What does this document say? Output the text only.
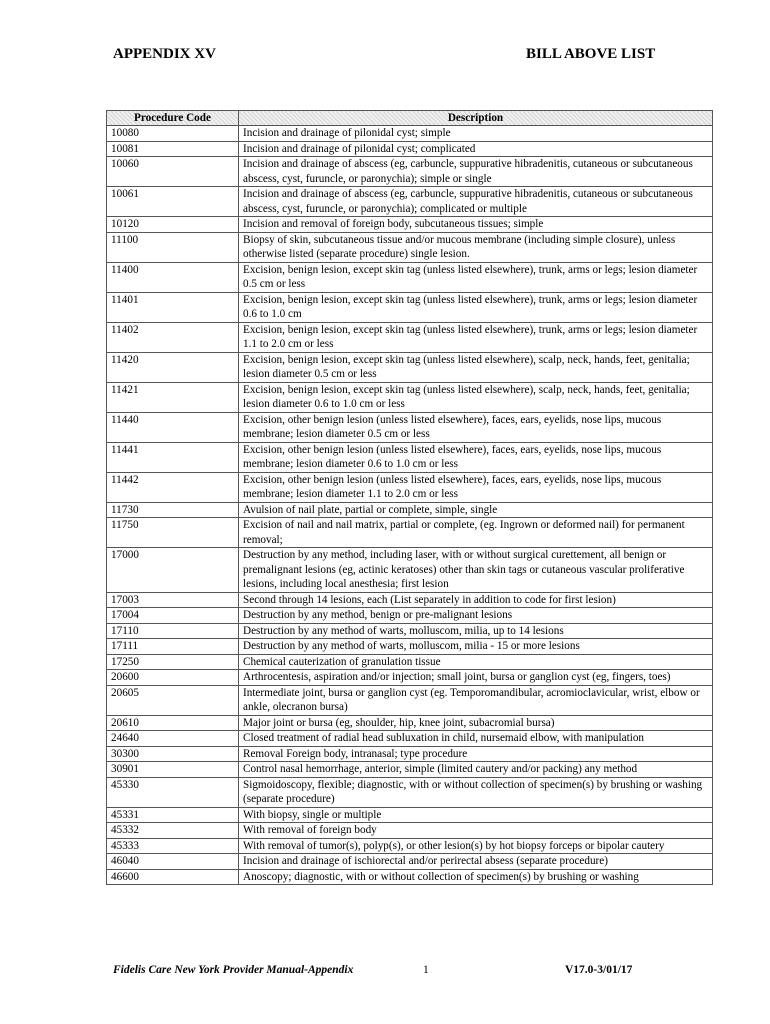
APPENDIX XV	BILL ABOVE LIST
Procedure Code	Description
10080	Incision and drainage of pilonidal cyst; simple
10081	Incision and drainage of pilonidal cyst; complicated
10060	Incision and drainage of abscess (eg, carbuncle, suppurative hibradenitis, cutaneous or subcutaneous abscess, cyst, furuncle, or paronychia); simple or single
10061	Incision and drainage of abscess (eg, carbuncle, suppurative hibradenitis, cutaneous or subcutaneous abscess, cyst, furuncle, or paronychia); complicated or multiple
10120	Incision and removal of foreign body, subcutaneous tissues; simple
11100	Biopsy of skin, subcutaneous tissue and/or mucous membrane (including simple closure), unless otherwise listed (separate procedure) single lesion.
11400	Excision, benign lesion, except skin tag (unless listed elsewhere), trunk, arms or legs; lesion diameter 0.5 cm or less
11401	Excision, benign lesion, except skin tag (unless listed elsewhere), trunk, arms or legs; lesion diameter 0.6 to 1.0 cm
11402	Excision, benign lesion, except skin tag (unless listed elsewhere), trunk, arms or legs; lesion diameter 1.1 to 2.0 cm or less
11420	Excision, benign lesion, except skin tag (unless listed elsewhere), scalp, neck, hands, feet, genitalia; lesion diameter 0.5 cm or less
11421	Excision, benign lesion, except skin tag (unless listed elsewhere), scalp, neck, hands, feet, genitalia; lesion diameter 0.6 to 1.0 cm or less
11440	Excision, other benign lesion (unless listed elsewhere), faces, ears, eyelids, nose lips, mucous membrane; lesion diameter 0.5 cm or less
11441	Excision, other benign lesion (unless listed elsewhere), faces, ears, eyelids, nose lips, mucous membrane; lesion diameter 0.6 to 1.0 cm or less
11442	Excision, other benign lesion (unless listed elsewhere), faces, ears, eyelids, nose lips, mucous membrane; lesion diameter 1.1 to 2.0 cm or less
11730	Avulsion of nail plate, partial or complete, simple, single
11750	Excision of nail and nail matrix, partial or complete, (eg. Ingrown or deformed nail) for permanent removal;
17000	Destruction by any method, including laser, with or without surgical curettement, all benign or premalignant lesions (eg, actinic keratoses) other than skin tags or cutaneous vascular proliferative lesions, including local anesthesia; first lesion
17003	Second through 14 lesions, each (List separately in addition to code for first lesion)
17004	Destruction by any method, benign or pre-malignant lesions
17110	Destruction by any method of warts, molluscom, milia, up to 14 lesions
17111	Destruction by any method of warts, molluscom, milia - 15 or more lesions
17250	Chemical cauterization of granulation tissue
20600	Arthrocentesis, aspiration and/or injection; small joint, bursa or ganglion cyst (eg, fingers, toes)
20605	Intermediate joint, bursa or ganglion cyst (eg. Temporomandibular, acromioclavicular, wrist, elbow or ankle, olecranon bursa)
20610	Major joint or bursa (eg, shoulder, hip, knee joint, subacromial bursa)
24640	Closed treatment of radial head subluxation in child, nursemaid elbow, with manipulation
30300	Removal Foreign body, intranasal; type procedure
30901	Control nasal hemorrhage, anterior, simple (limited cautery and/or packing) any method
45330	Sigmoidoscopy, flexible; diagnostic, with or without collection of specimen(s) by brushing or washing (separate procedure)
45331	With biopsy, single or multiple
45332	With removal of foreign body
45333	With removal of tumor(s), polyp(s), or other lesion(s) by hot biopsy forceps or bipolar cautery
46040	Incision and drainage of ischiorectal and/or perirectal absess (separate procedure)
46600	Anoscopy; diagnostic, with or without collection of specimen(s) by brushing or washing
Fidelis Care New York Provider Manual-Appendix	1	V17.0-3/01/17
